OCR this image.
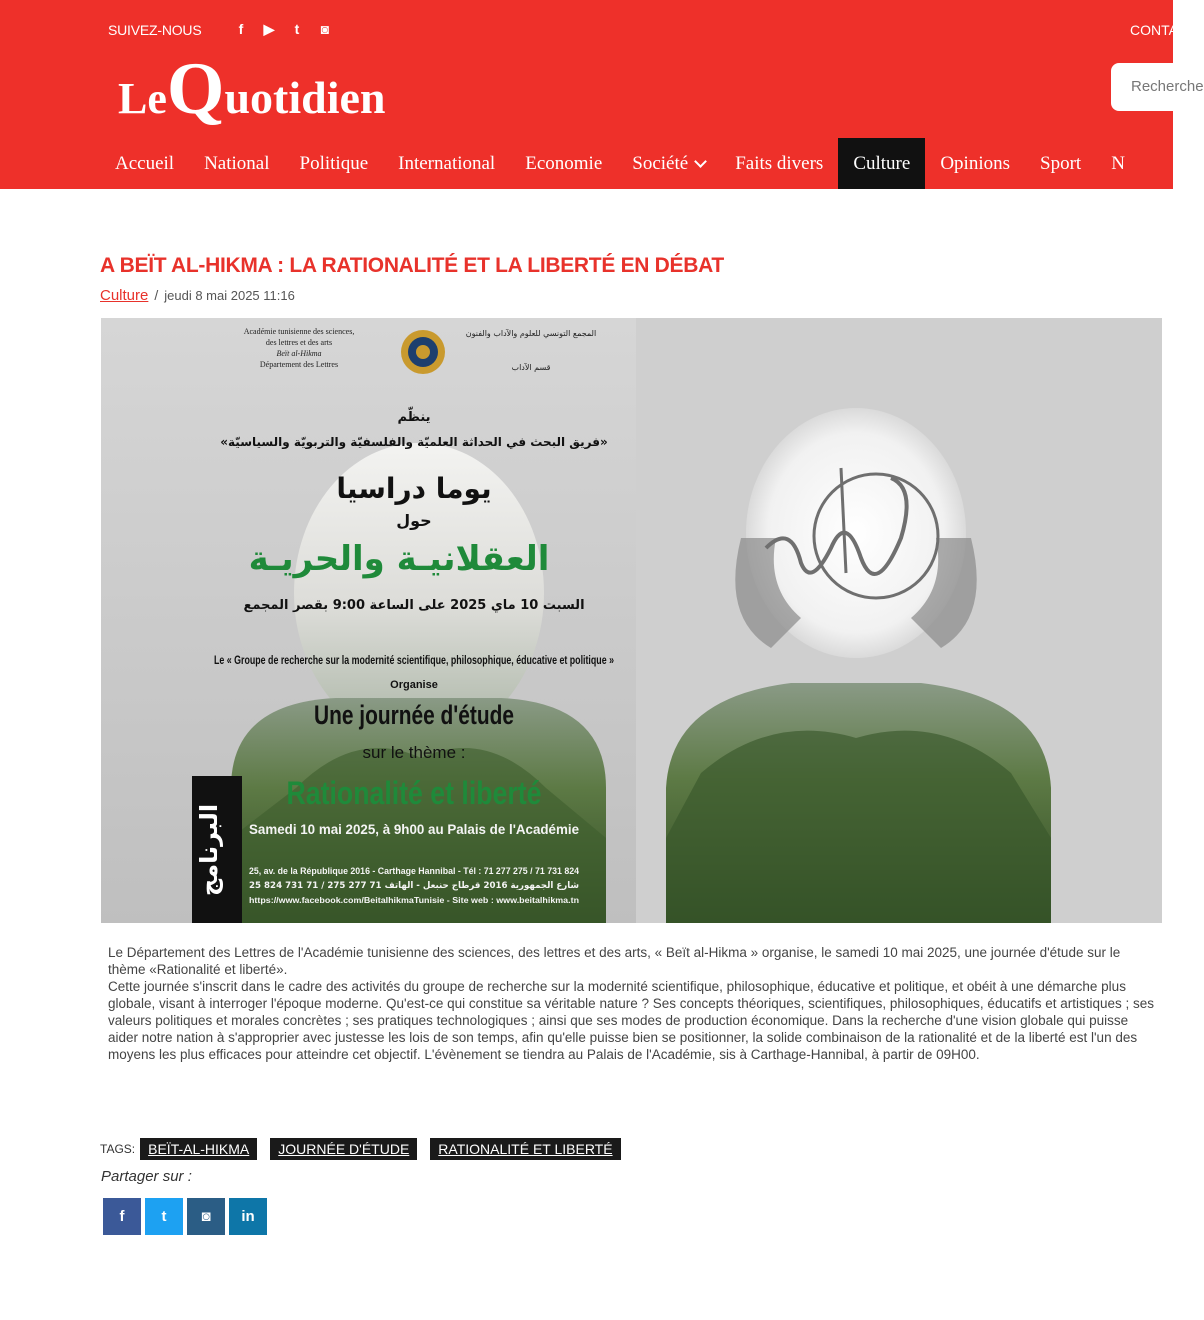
SUIVEZ-NOUS	f	▶	t	◙	CONTACT
LeQuotidien	Recherche
Accueil	National	Politique	International	Economie	Société	Faits divers	Culture	Opinions	Sport	N
A BEÏT AL-HIKMA : LA RATIONALITÉ ET LA LIBERTÉ EN DÉBAT
Culture / jeudi 8 mai 2025 11:16
Académie tunisienne des sciences,
des lettres et des arts
Beït al-Hikma
Département des Lettres
المجمع التونسي للعلوم والآداب والفنون
قسم الآداب
ينظّم
«فريق البحث في الحداثة العلميّة والفلسفيّة والتربويّة والسياسيّة»
يوما دراسيا
حول
العقلانيـة والحريـة
السبت 10 ماي 2025 على الساعة 9:00 بقصر المجمع
Le « Groupe de recherche sur la modernité scientifique, philosophique, éducative et politique »
Organise
Une journée d'étude
sur le thème :
Rationalité et liberté
Samedi 10 mai 2025, à 9h00 au Palais de l'Académie
25, av. de la République 2016 - Carthage Hannibal - Tél : 71 277 275 / 71 731 824
25 شارع الجمهورية 2016 قرطاج حنبعل - الهاتف 71 277 275 / 71 731 824
https://www.facebook.com/BeitalhikmaTunisie - Site web : www.beitalhikma.tn
البرنامج

Le Département des Lettres de l'Académie tunisienne des sciences, des lettres et des arts, « Beït al-Hikma » organise, le samedi 10 mai 2025, une journée d'étude sur le thème «Rationalité et liberté».

Cette journée s'inscrit dans le cadre des activités du groupe de recherche sur la modernité scientifique, philosophique, éducative et politique, et obéit à une démarche plus globale, visant à interroger l'époque moderne. Qu'est-ce qui constitue sa véritable nature ? Ses concepts théoriques, scientifiques, philosophiques, éducatifs et artistiques ; ses valeurs politiques et morales concrètes ; ses pratiques technologiques ; ainsi que ses modes de production économique. Dans la recherche d'une vision globale qui puisse aider notre nation à s'approprier avec justesse les lois de son temps, afin qu'elle puisse bien se positionner, la solide combinaison de la rationalité et de la liberté est l'un des moyens les plus efficaces pour atteindre cet objectif. L'évènement se tiendra au Palais de l'Académie, sis à Carthage-Hannibal, à partir de 09H00.

TAGS: BEÏT-AL-HIKMA	JOURNÉE D'ÉTUDE	RATIONALITÉ ET LIBERTÉ
Partager sur :
f t ◙ in
